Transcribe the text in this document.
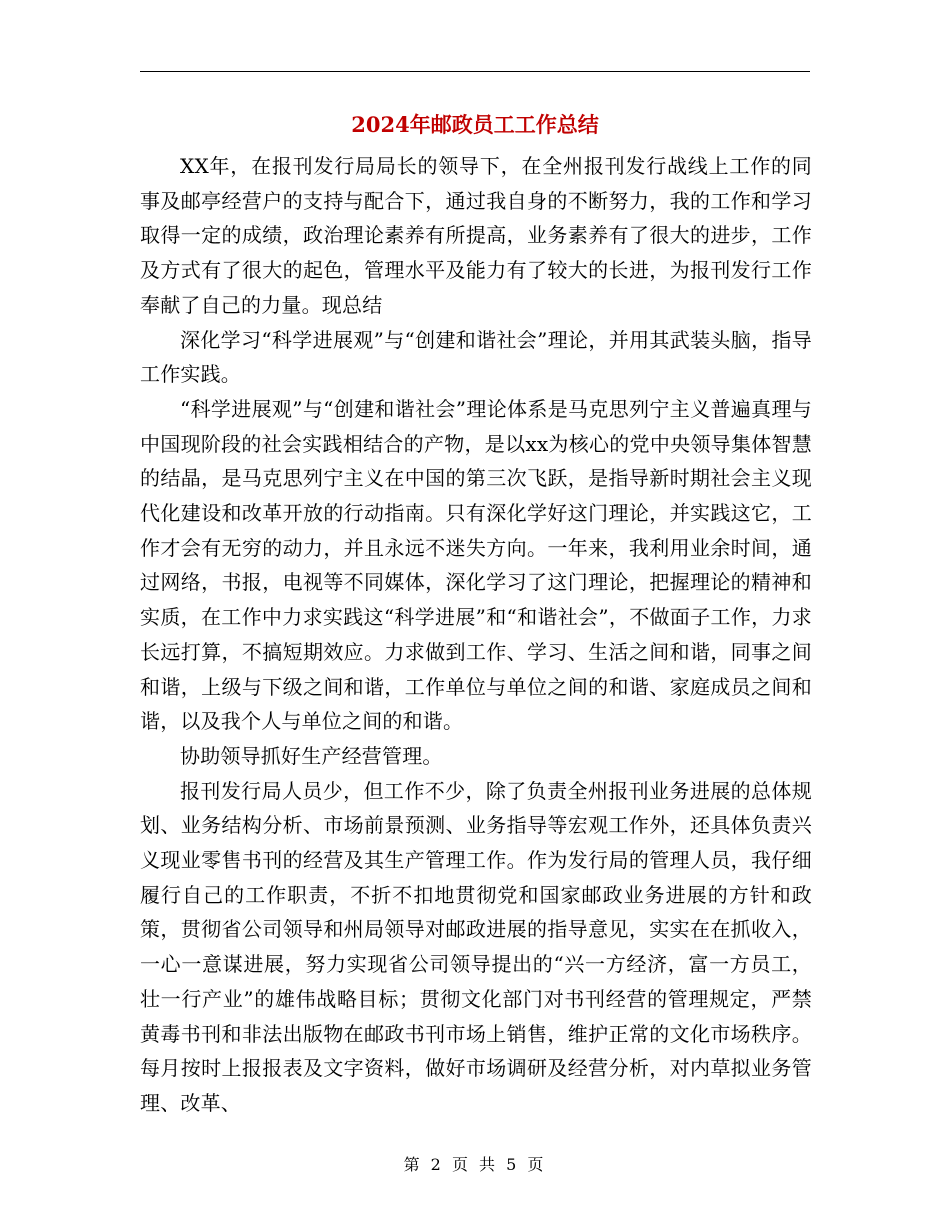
2024年邮政员工工作总结

XX年，在报刊发行局局长的领导下，在全州报刊发行战线上工作的同事及邮亭经营户的支持与配合下，通过我自身的不断努力，我的工作和学习取得一定的成绩，政治理论素养有所提高，业务素养有了很大的进步，工作及方式有了很大的起色，管理水平及能力有了较大的长进，为报刊发行工作奉献了自己的力量。现总结

深化学习“科学进展观”与“创建和谐社会”理论，并用其武装头脑，指导工作实践。

“科学进展观”与“创建和谐社会”理论体系是马克思列宁主义普遍真理与中国现阶段的社会实践相结合的产物，是以xx为核心的党中央领导集体智慧的结晶，是马克思列宁主义在中国的第三次飞跃，是指导新时期社会主义现代化建设和改革开放的行动指南。只有深化学好这门理论，并实践这它，工作才会有无穷的动力，并且永远不迷失方向。一年来，我利用业余时间，通过网络，书报，电视等不同媒体，深化学习了这门理论，把握理论的精神和实质，在工作中力求实践这“科学进展”和“和谐社会”，不做面子工作，力求长远打算，不搞短期效应。力求做到工作、学习、生活之间和谐，同事之间和谐，上级与下级之间和谐，工作单位与单位之间的和谐、家庭成员之间和谐，以及我个人与单位之间的和谐。

协助领导抓好生产经营管理。

报刊发行局人员少，但工作不少，除了负责全州报刊业务进展的总体规划、业务结构分析、市场前景预测、业务指导等宏观工作外，还具体负责兴义现业零售书刊的经营及其生产管理工作。作为发行局的管理人员，我仔细履行自己的工作职责，不折不扣地贯彻党和国家邮政业务进展的方针和政策，贯彻省公司领导和州局领导对邮政进展的指导意见，实实在在抓收入，一心一意谋进展，努力实现省公司领导提出的“兴一方经济，富一方员工，壮一行产业”的雄伟战略目标；贯彻文化部门对书刊经营的管理规定，严禁黄毒书刊和非法出版物在邮政书刊市场上销售，维护正常的文化市场秩序。每月按时上报报表及文字资料，做好市场调研及经营分析，对内草拟业务管理、改革、

第 2 页 共 5 页
